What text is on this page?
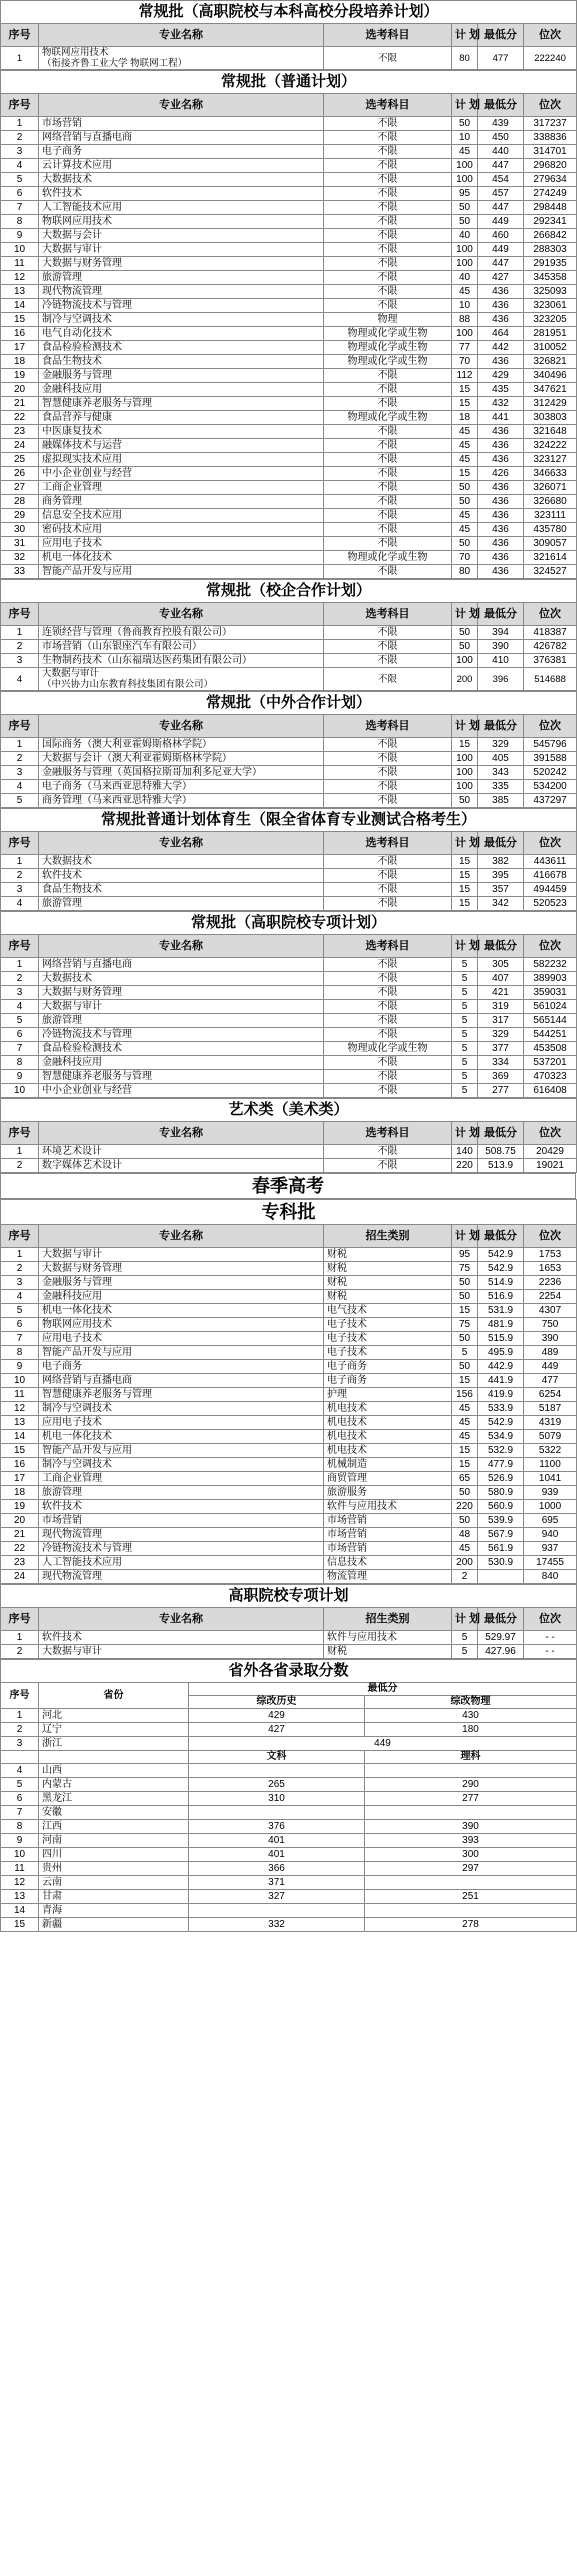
常规批（高职院校与本科高校分段培养计划）					
序号	专业名称	选考科目	计 划	最低分	位次
1	物联网应用技术
（衔接齐鲁工业大学 物联网工程）	不限	80	477	222240
常规批（普通计划）					
序号	专业名称	选考科目	计 划	最低分	位次
1	市场营销	不限	50	439	317237
2	网络营销与直播电商	不限	10	450	338836
3	电子商务	不限	45	440	314701
4	云计算技术应用	不限	100	447	296820
5	大数据技术	不限	100	454	279634
6	软件技术	不限	95	457	274249
7	人工智能技术应用	不限	50	447	298448
8	物联网应用技术	不限	50	449	292341
9	大数据与会计	不限	40	460	266842
10	大数据与审计	不限	100	449	288303
11	大数据与财务管理	不限	100	447	291935
12	旅游管理	不限	40	427	345358
13	现代物流管理	不限	45	436	325093
14	冷链物流技术与管理	不限	10	436	323061
15	制冷与空调技术	物理	88	436	323205
16	电气自动化技术	物理或化学或生物	100	464	281951
17	食品检验检测技术	物理或化学或生物	77	442	310052
18	食品生物技术	物理或化学或生物	70	436	326821
19	金融服务与管理	不限	112	429	340496
20	金融科技应用	不限	15	435	347621
21	智慧健康养老服务与管理	不限	15	432	312429
22	食品营养与健康	物理或化学或生物	18	441	303803
23	中医康复技术	不限	45	436	321648
24	融媒体技术与运营	不限	45	436	324222
25	虚拟现实技术应用	不限	45	436	323127
26	中小企业创业与经营	不限	15	426	346633
27	工商企业管理	不限	50	436	326071
28	商务管理	不限	50	436	326680
29	信息安全技术应用	不限	45	436	323111
30	密码技术应用	不限	45	436	435780
31	应用电子技术	不限	50	436	309057
32	机电一体化技术	物理或化学或生物	70	436	321614
33	智能产品开发与应用	不限	80	436	324527
常规批（校企合作计划）					
序号	专业名称	选考科目	计 划	最低分	位次
1	连锁经营与管理（鲁商教育控股有限公司）	不限	50	394	418387
2	市场营销（山东银座汽车有限公司）	不限	50	390	426782
3	生物制药技术（山东福瑞达医药集团有限公司）	不限	100	410	376381
4	大数据与审计
（中兴协力山东教育科技集团有限公司）	不限	200	396	514688
常规批（中外合作计划）					
序号	专业名称	选考科目	计 划	最低分	位次
1	国际商务（澳大利亚霍姆斯格林学院）	不限	15	329	545796
2	大数据与会计（澳大利亚霍姆斯格林学院）	不限	100	405	391588
3	金融服务与管理（英国格拉斯哥加利多尼亚大学）	不限	100	343	520242
4	电子商务（马来西亚思特雅大学）	不限	100	335	534200
5	商务管理（马来西亚思特雅大学）	不限	50	385	437297
常规批普通计划体育生（限全省体育专业测试合格考生）					
序号	专业名称	选考科目	计 划	最低分	位次
1	大数据技术	不限	15	382	443611
2	软件技术	不限	15	395	416678
3	食品生物技术	不限	15	357	494459
4	旅游管理	不限	15	342	520523
常规批（高职院校专项计划）					
序号	专业名称	选考科目	计 划	最低分	位次
1	网络营销与直播电商	不限	5	305	582232
2	大数据技术	不限	5	407	389903
3	大数据与财务管理	不限	5	421	359031
4	大数据与审计	不限	5	319	561024
5	旅游管理	不限	5	317	565144
6	冷链物流技术与管理	不限	5	329	544251
7	食品检验检测技术	物理或化学或生物	5	377	453508
8	金融科技应用	不限	5	334	537201
9	智慧健康养老服务与管理	不限	5	369	470323
10	中小企业创业与经营	不限	5	277	616408
艺术类（美术类）					
序号	专业名称	选考科目	计 划	最低分	位次
1	环境艺术设计	不限	140	508.75	20429
2	数字媒体艺术设计	不限	220	513.9	19021
春季高考
专科批					
序号	专业名称	招生类别	计 划	最低分	位次
1	大数据与审计	财税	95	542.9	1753
2	大数据与财务管理	财税	75	542.9	1653
3	金融服务与管理	财税	50	514.9	2236
4	金融科技应用	财税	50	516.9	2254
5	机电一体化技术	电气技术	15	531.9	4307
6	物联网应用技术	电子技术	75	481.9	750
7	应用电子技术	电子技术	50	515.9	390
8	智能产品开发与应用	电子技术	5	495.9	489
9	电子商务	电子商务	50	442.9	449
10	网络营销与直播电商	电子商务	15	441.9	477
11	智慧健康养老服务与管理	护理	156	419.9	6254
12	制冷与空调技术	机电技术	45	533.9	5187
13	应用电子技术	机电技术	45	542.9	4319
14	机电一体化技术	机电技术	45	534.9	5079
15	智能产品开发与应用	机电技术	15	532.9	5322
16	制冷与空调技术	机械制造	15	477.9	1100
17	工商企业管理	商贸管理	65	526.9	1041
18	旅游管理	旅游服务	50	580.9	939
19	软件技术	软件与应用技术	220	560.9	1000
20	市场营销	市场营销	50	539.9	695
21	现代物流管理	市场营销	48	567.9	940
22	冷链物流技术与管理	市场营销	45	561.9	937
23	人工智能技术应用	信息技术	200	530.9	17455
24	现代物流管理	物流管理	2		840
高职院校专项计划					
序号	专业名称	招生类别	计 划	最低分	位次
1	软件技术	软件与应用技术	5	529.97	- -
2	大数据与审计	财税	5	427.96	- -
省外各省录取分数			
序号	省份	最低分	
		综改历史	综改物理
1	河北	429	430
2	辽宁	427	180
3	浙江	449	
		文科	理科
4	山西		
5	内蒙古	265	290
6	黑龙江	310	277
7	安徽		
8	江西	376	390
9	河南	401	393
10	四川	401	300
11	贵州	366	297
12	云南	371	
13	甘肃	327	251
14	青海		
15	新疆	332	278
